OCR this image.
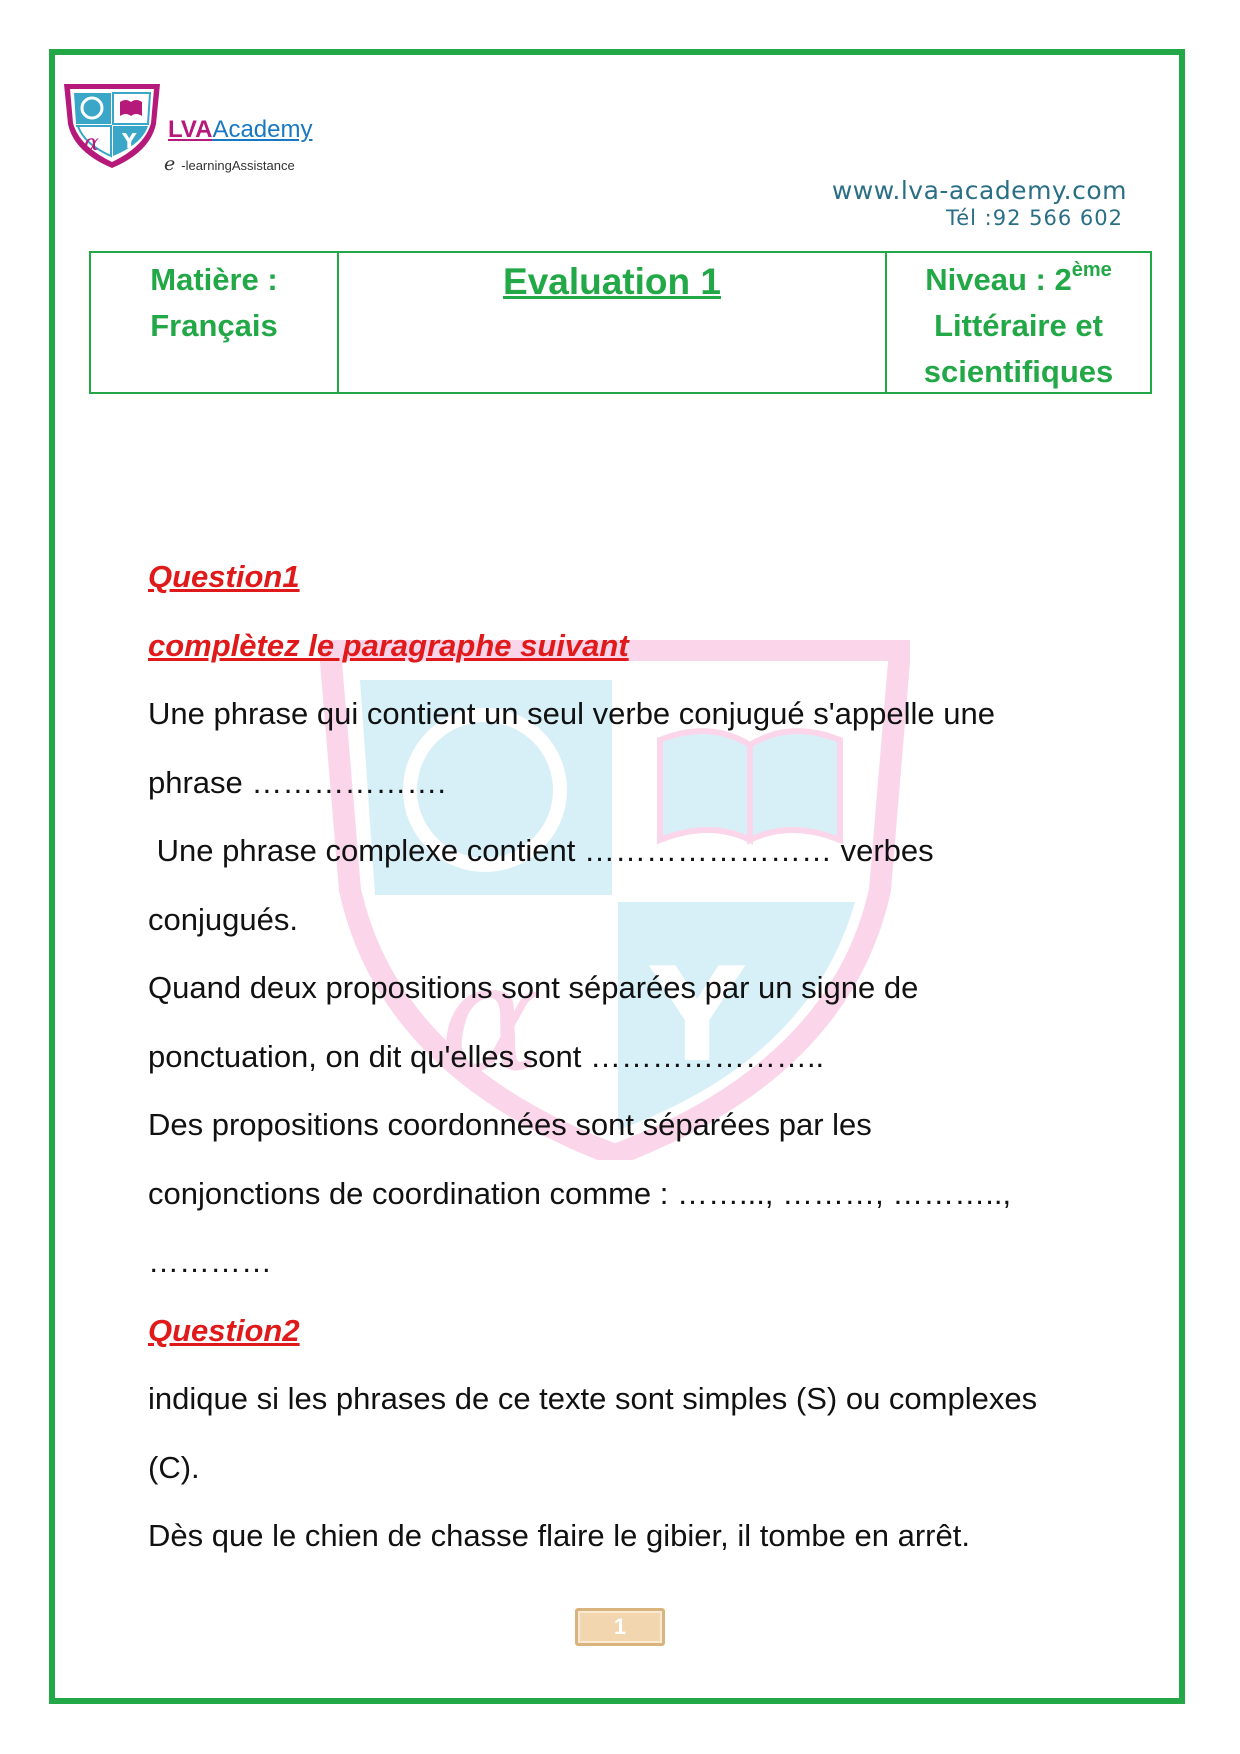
α Y LVAAcademy
e -learningAssistance
www.lva-academy.com
Tél :92 566 602
Matière :
Français
Evaluation 1	Niveau : 2ème
Littéraire et
scientifiques
α Y
Question1
complètez le paragraphe suivant
Une phrase qui contient un seul verbe conjugué s'appelle une
phrase ……………….
Une phrase complexe contient …………………… verbes
conjugués.
Quand deux propositions sont séparées par un signe de
ponctuation, on dit qu'elles sont …………………..
Des propositions coordonnées sont séparées par les
conjonctions de coordination comme : ……..., ………, ………..,
…………
Question2
indique si les phrases de ce texte sont simples (S) ou complexes
(C).
Dès que le chien de chasse flaire le gibier, il tombe en arrêt.
1
